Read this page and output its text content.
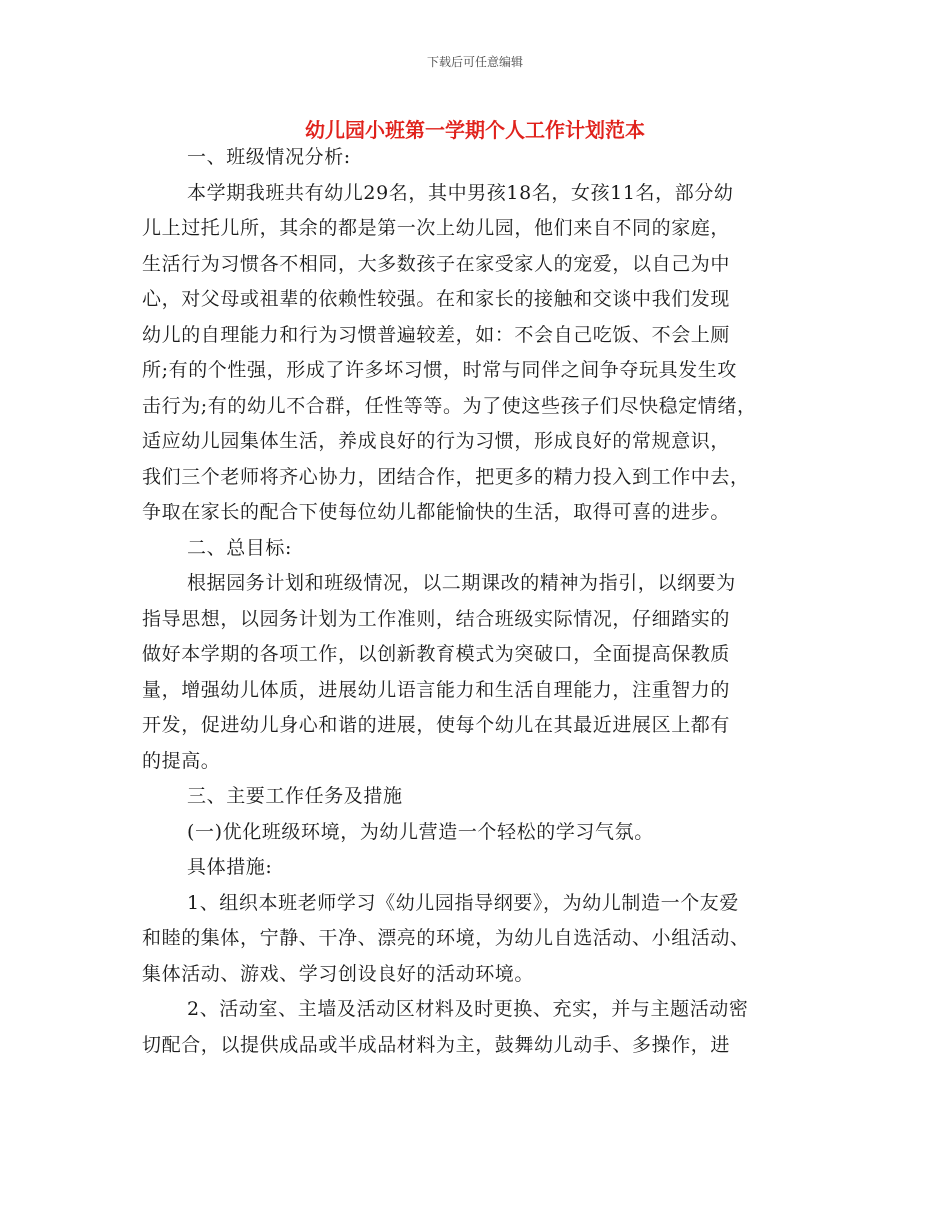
下载后可任意编辑
幼儿园小班第一学期个人工作计划范本
一、班级情况分析:
本学期我班共有幼儿29名，其中男孩18名，女孩11名，部分幼
儿上过托儿所，其余的都是第一次上幼儿园，他们来自不同的家庭，
生活行为习惯各不相同，大多数孩子在家受家人的宠爱，以自己为中
心，对父母或祖辈的依赖性较强。在和家长的接触和交谈中我们发现
幼儿的自理能力和行为习惯普遍较差，如：不会自己吃饭、不会上厕
所;有的个性强，形成了许多坏习惯，时常与同伴之间争夺玩具发生攻
击行为;有的幼儿不合群，任性等等。为了使这些孩子们尽快稳定情绪，
适应幼儿园集体生活，养成良好的行为习惯，形成良好的常规意识，
我们三个老师将齐心协力，团结合作，把更多的精力投入到工作中去，
争取在家长的配合下使每位幼儿都能愉快的生活，取得可喜的进步。
二、总目标:
根据园务计划和班级情况，以二期课改的精神为指引，以纲要为
指导思想，以园务计划为工作准则，结合班级实际情况，仔细踏实的
做好本学期的各项工作，以创新教育模式为突破口，全面提高保教质
量，增强幼儿体质，进展幼儿语言能力和生活自理能力，注重智力的
开发，促进幼儿身心和谐的进展，使每个幼儿在其最近进展区上都有
的提高。
三、主要工作任务及措施
(一)优化班级环境，为幼儿营造一个轻松的学习气氛。
具体措施:
1、组织本班老师学习《幼儿园指导纲要》，为幼儿制造一个友爱
和睦的集体，宁静、干净、漂亮的环境，为幼儿自选活动、小组活动、
集体活动、游戏、学习创设良好的活动环境。
2、活动室、主墙及活动区材料及时更换、充实，并与主题活动密
切配合，以提供成品或半成品材料为主，鼓舞幼儿动手、多操作，进
